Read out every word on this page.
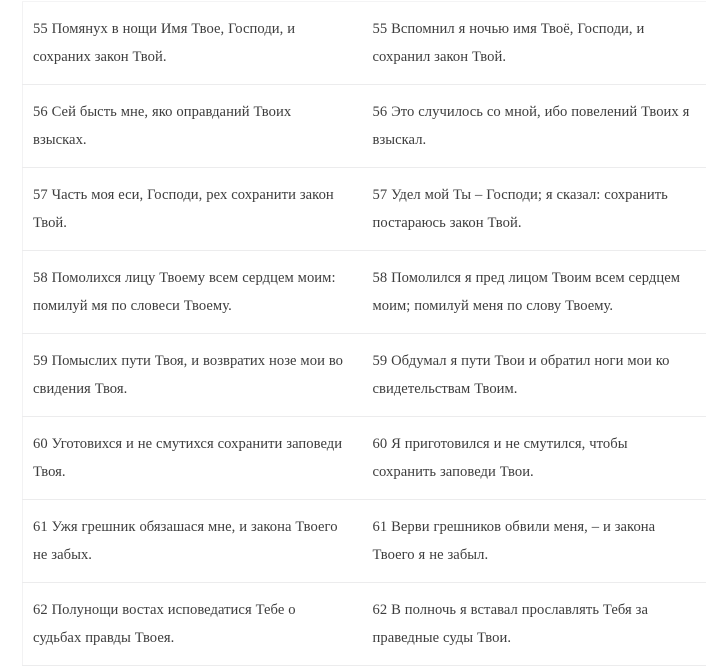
55 Помянух в нощи Имя Твое, Господи, и сохраних закон Твой.	55 Вспомнил я ночью имя Твоё, Господи, и сохранил закон Твой.

56 Сей бысть мне, яко оправданий Твоих взысках.	56 Это случилось со мной, ибо повелений Твоих я взыскал.

57 Часть моя еси, Господи, рех сохранити закон Твой.	57 Удел мой Ты – Господи; я сказал: сохранить постараюсь закон Твой.

58 Помолихся лицу Твоему всем сердцем моим: помилуй мя по словеси Твоему.	58 Помолился я пред лицом Твоим всем сердцем моим; помилуй меня по слову Твоему.

59 Помыслих пути Твоя, и возвратих нозе мои во свидения Твоя.	59 Обдумал я пути Твои и обратил ноги мои ко свидетельствам Твоим.

60 Уготовихся и не смутихся сохранити заповеди Твоя.	60 Я приготовился и не смутился, чтобы сохранить заповеди Твои.

61 Ужя грешник обязашася мне, и закона Твоего не забых.	61 Верви грешников обвили меня, – и закона Твоего я не забыл.

62 Полунощи востах исповедатися Тебе о судьбах правды Твоея.	62 В полночь я вставал прославлять Тебя за праведные суды Твои.
